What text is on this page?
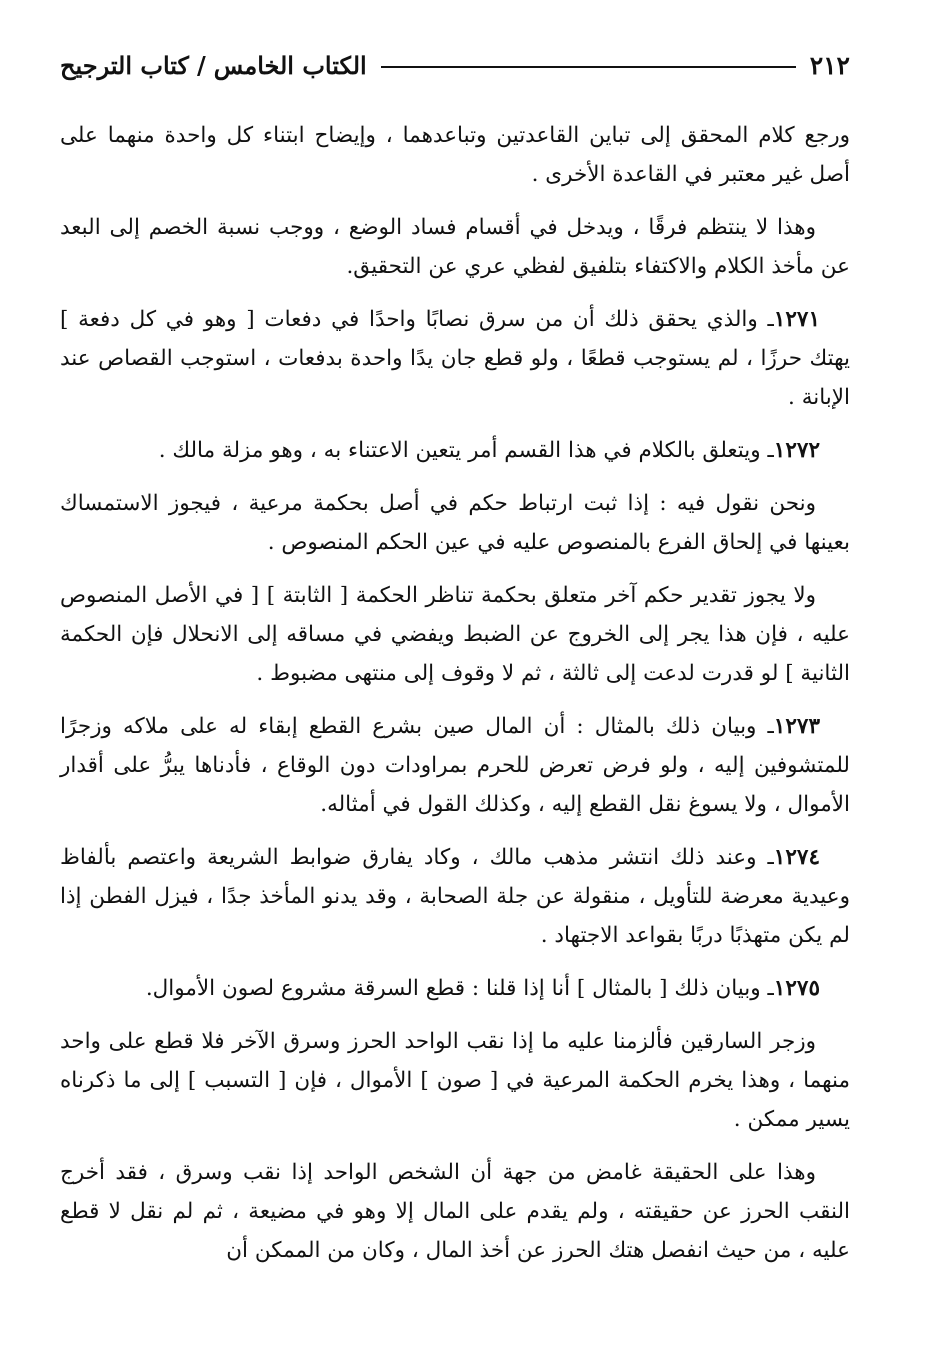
٢١٢
الكتاب الخامس/كتاب الترجيح

ورجع كلام المحقق إلى تباين القاعدتين وتباعدهما ، وإيضاح ابتناء كل واحدة منهما على أصل غير معتبر في القاعدة الأخرى .

وهذا لا ينتظم فرقًا ، ويدخل في أقسام فساد الوضع ، ووجب نسبة الخصم إلى البعد عن مأخذ الكلام والاكتفاء بتلفيق لفظي عري عن التحقيق.

١٢٧١ـ والذي يحقق ذلك أن من سرق نصابًا واحدًا في دفعات [ وهو في كل دفعة ] يهتك حرزًا ، لم يستوجب قطعًا ، ولو قطع جان يدًا واحدة بدفعات ، استوجب القصاص عند الإبانة .

١٢٧٢ـ ويتعلق بالكلام في هذا القسم أمر يتعين الاعتناء به ، وهو مزلة مالك .

ونحن نقول فيه : إذا ثبت ارتباط حكم في أصل بحكمة مرعية ، فيجوز الاستمساك بعينها في إلحاق الفرع بالمنصوص عليه في عين الحكم المنصوص .

ولا يجوز تقدير حكم آخر متعلق بحكمة تناظر الحكمة [ الثابتة ] [ في الأصل المنصوص عليه ، فإن هذا يجر إلى الخروج عن الضبط ويفضي في مساقه إلى الانحلال فإن الحكمة الثانية ] لو قدرت لدعت إلى ثالثة ، ثم لا وقوف إلى منتهى مضبوط .

١٢٧٣ـ وبيان ذلك بالمثال : أن المال صين بشرع القطع إبقاء له على ملاكه وزجرًا للمتشوفين إليه ، ولو فرض تعرض للحرم بمراودات دون الوقاع ، فأدناها يبرُّ على أقدار الأموال ، ولا يسوغ نقل القطع إليه ، وكذلك القول في أمثاله.

١٢٧٤ـ وعند ذلك انتشر مذهب مالك ، وكاد يفارق ضوابط الشريعة واعتصم بألفاظ وعيدية معرضة للتأويل ، منقولة عن جلة الصحابة ، وقد يدنو المأخذ جدًا ، فيزل الفطن إذا لم يكن متهذبًا دربًا بقواعد الاجتهاد .

١٢٧٥ـ وبيان ذلك [ بالمثال ] أنا إذا قلنا : قطع السرقة مشروع لصون الأموال.

وزجر السارقين فألزمنا عليه ما إذا نقب الواحد الحرز وسرق الآخر فلا قطع على واحد منهما ، وهذا يخرم الحكمة المرعية في [ صون ] الأموال ، فإن [ التسبب ] إلى ما ذكرناه يسير ممكن .

وهذا على الحقيقة غامض من جهة أن الشخص الواحد إذا نقب وسرق ، فقد أخرج النقب الحرز عن حقيقته ، ولم يقدم على المال إلا وهو في مضيعة ، ثم لم نقل لا قطع عليه ، من حيث انفصل هتك الحرز عن أخذ المال ، وكان من الممكن أن
